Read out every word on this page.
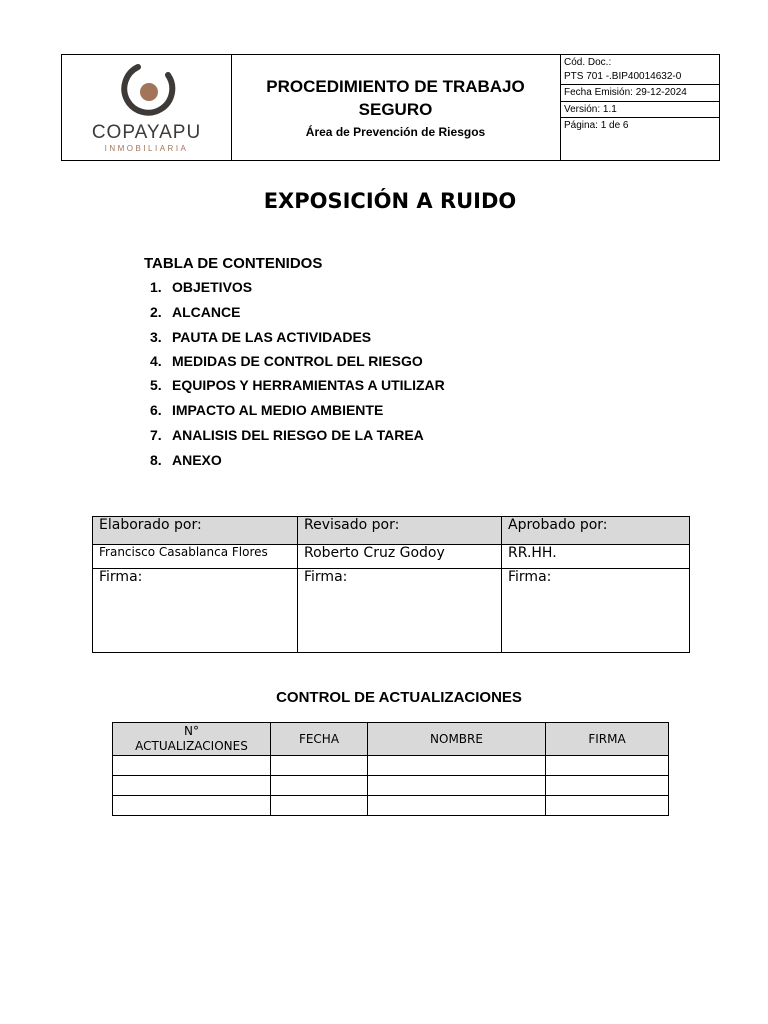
COPAYAPU
INMOBILIARIA
PROCEDIMIENTO DE TRABAJO
SEGURO
Área de Prevención de Riesgos
Cód. Doc.:
PTS 701 -.BIP40014632-0
Fecha Emisión: 29-12-2024
Versión: 1.1
Página: 1 de 6
EXPOSICIÓN A RUIDO
TABLA DE CONTENIDOS
1. OBJETIVOS
2. ALCANCE
3. PAUTA DE LAS ACTIVIDADES
4. MEDIDAS DE CONTROL DEL RIESGO
5. EQUIPOS Y HERRAMIENTAS A UTILIZAR
6. IMPACTO AL MEDIO AMBIENTE
7. ANALISIS DEL RIESGO DE LA TAREA
8. ANEXO
Elaborado por:	Revisado por:	Aprobado por:
Francisco Casablanca Flores	Roberto Cruz Godoy	RR.HH.
Firma:	Firma:	Firma:
CONTROL DE ACTUALIZACIONES
N°
ACTUALIZACIONES	FECHA	NOMBRE	FIRMA
